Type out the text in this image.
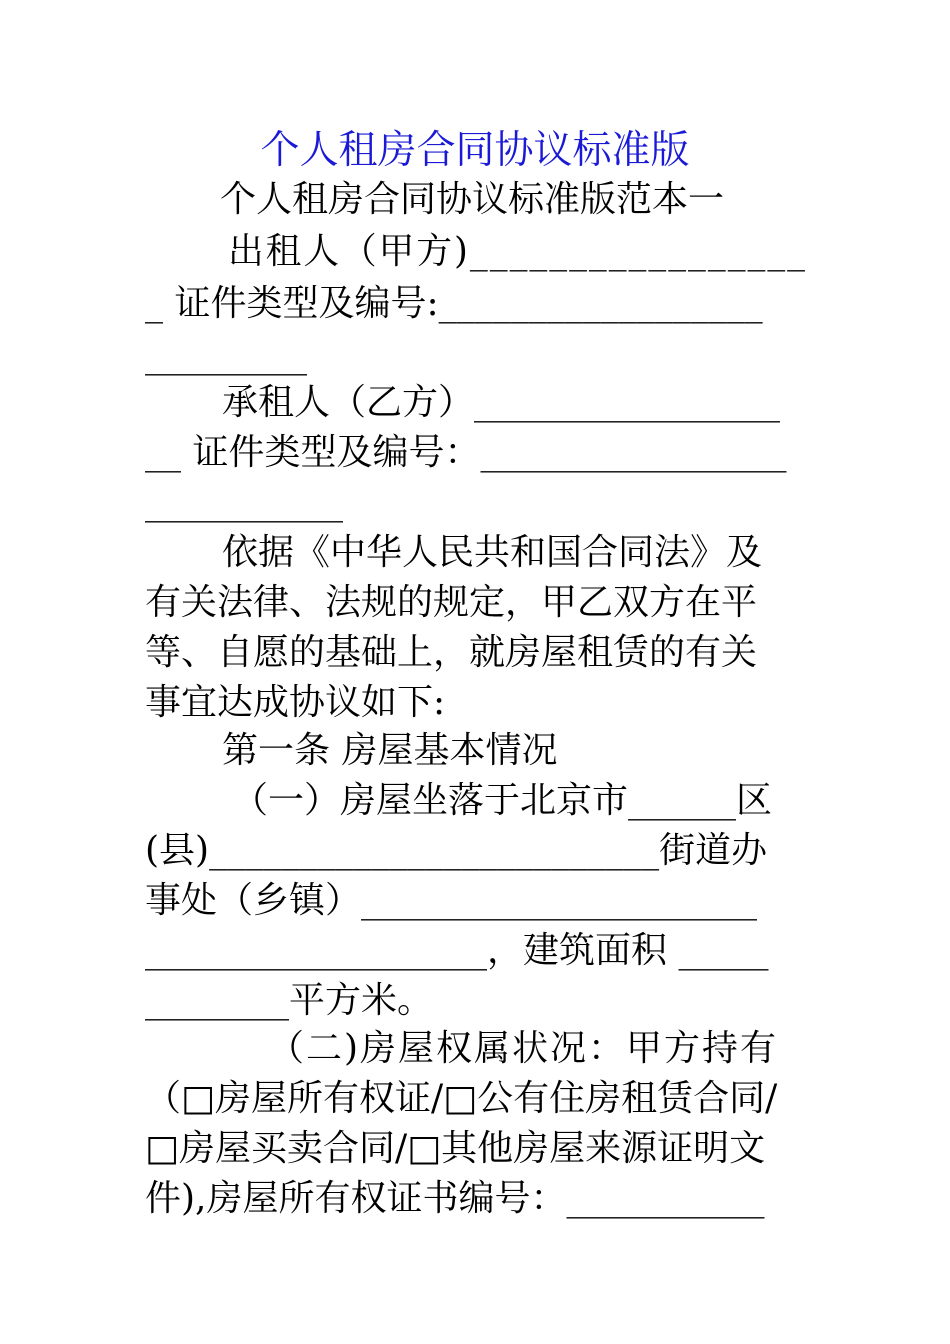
个人租房合同协议标准版
个人租房合同协议标准版范本一
出租人（甲方)_________________
_ 证件类型及编号:__________________
_________
承租人（乙方）_________________
__ 证件类型及编号：_________________
___________
依据《中华人民共和国合同法》及
有关法律、法规的规定，甲乙双方在平
等、自愿的基础上，就房屋租赁的有关
事宜达成协议如下:
第一条 房屋基本情况
（一）房屋坐落于北京市______区
(县)_________________________街道办
事处（乡镇）______________________
___________________，建筑面积 _____
________平方米。
（二)房屋权属状况：甲方持有
（□房屋所有权证/□公有住房租赁合同/
□房屋买卖合同/□其他房屋来源证明文
件),房屋所有权证书编号：___________
